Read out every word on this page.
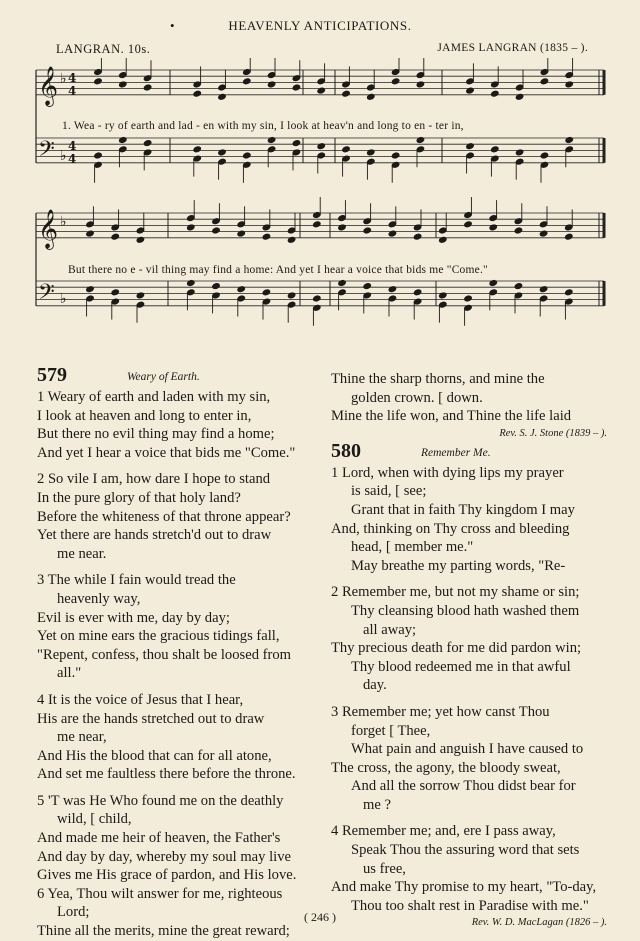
•	HEAVENLY ANTICIPATIONS.
LANGRAN. 10s.	JAMES LANGRAN (1835 – ).
𝄞 ♭ 4
4
𝄢 ♭
4
4
𝄞 ♭
𝄢 ♭
1. Wea - ry of earth and lad - en with my sin, I look at heav'n and long to en - ter in,
But there no e - vil thing may find a home: And yet I hear a voice that bids me "Come."
579	Weary of Earth.
1 Weary of earth and laden with my sin,
I look at heaven and long to enter in,
But there no evil thing may find a home;
And yet I hear a voice that bids me "Come."
2 So vile I am, how dare I hope to stand
In the pure glory of that holy land?
Before the whiteness of that throne appear?
Yet there are hands stretch'd out to draw
me near.
3 The while I fain would tread the
heavenly way,
Evil is ever with me, day by day;
Yet on mine ears the gracious tidings fall,
"Repent, confess, thou shalt be loosed from
all."
4 It is the voice of Jesus that I hear,
His are the hands stretched out to draw
me near,
And His the blood that can for all atone,
And set me faultless there before the throne.
5 'T was He Who found me on the deathly
wild, [ child,
And made me heir of heaven, the Father's
And day by day, whereby my soul may live
Gives me His grace of pardon, and His love.
6 Yea, Thou wilt answer for me, righteous
Lord;
Thine all the merits, mine the great reward;
Thine the sharp thorns, and mine the
golden crown. [ down.
Mine the life won, and Thine the life laid
Rev. S. J. Stone (1839 – ).
580	Remember Me.
1 Lord, when with dying lips my prayer
is said, [ see;
Grant that in faith Thy kingdom I may
And, thinking on Thy cross and bleeding
head, [ member me."
May breathe my parting words, "Re-
2 Remember me, but not my shame or sin;
Thy cleansing blood hath washed them
all away;
Thy precious death for me did pardon win;
Thy blood redeemed me in that awful
day.
3 Remember me; yet how canst Thou
forget [ Thee,
What pain and anguish I have caused to
The cross, the agony, the bloody sweat,
And all the sorrow Thou didst bear for
me ?
4 Remember me; and, ere I pass away,
Speak Thou the assuring word that sets
us free,
And make Thy promise to my heart, "To-day,
Thou too shalt rest in Paradise with me."
Rev. W. D. MacLagan (1826 – ).
( 246 )
